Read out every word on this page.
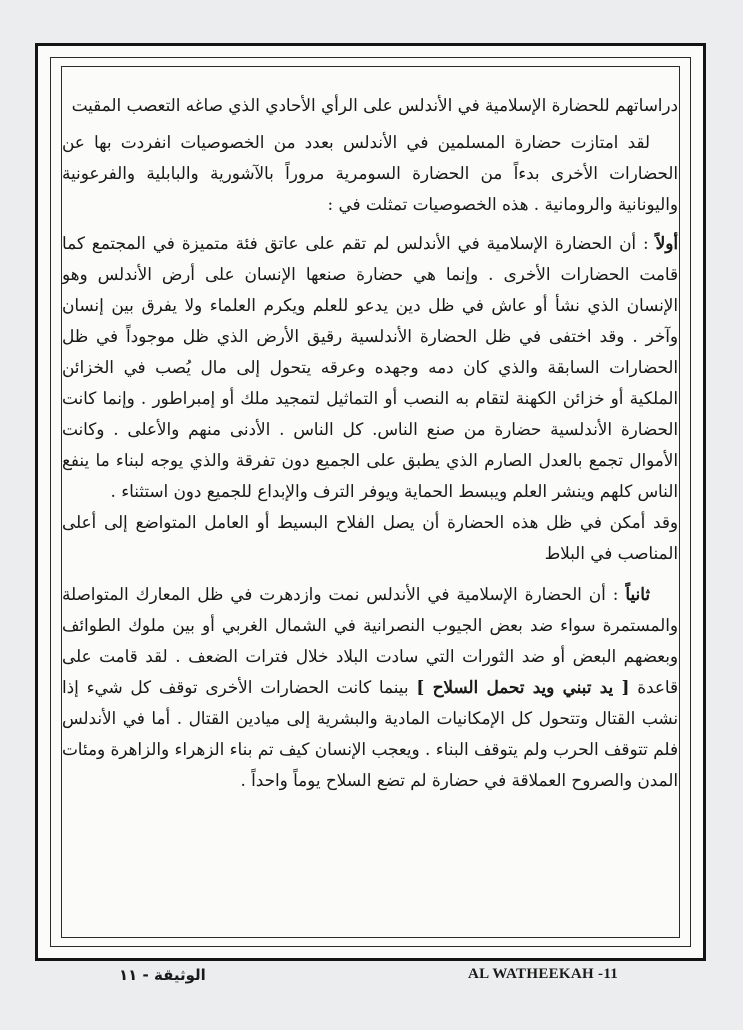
دراساتهم للحضارة الإسلامية في الأندلس على الرأي الأحادي الذي صاغه التعصب المقيت

لقد امتازت حضارة المسلمين في الأندلس بعدد من الخصوصيات انفردت بها عن الحضارات الأخرى بدءاً من الحضارة السومرية مروراً بالآشورية والبابلية والفرعونية واليونانية والرومانية . هذه الخصوصيات تمثلت في :

أولاً : أن الحضارة الإسلامية في الأندلس لم تقم على عاتق فئة متميزة في المجتمع كما قامت الحضارات الأخرى . وإنما هي حضارة صنعها الإنسان على أرض الأندلس وهو الإنسان الذي نشأ أو عاش في ظل دين يدعو للعلم ويكرم العلماء ولا يفرق بين إنسان وآخر . وقد اختفى في ظل الحضارة الأندلسية رقيق الأرض الذي ظل موجوداً في ظل الحضارات السابقة والذي كان دمه وجهده وعرقه يتحول إلى مال يُصب في الخزائن الملكية أو خزائن الكهنة لتقام به النصب أو التماثيل لتمجيد ملك أو إمبراطور . وإنما كانت الحضارة الأندلسية حضارة من صنع الناس. كل الناس . الأدنى منهم والأعلى . وكانت الأموال تجمع بالعدل الصارم الذي يطبق على الجميع دون تفرقة والذي يوجه لبناء ما ينفع الناس كلهم وينشر العلم ويبسط الحماية ويوفر الترف والإبداع للجميع دون استثناء .

وقد أمكن في ظل هذه الحضارة أن يصل الفلاح البسيط أو العامل المتواضع إلى أعلى المناصب في البلاط

ثانياً : أن الحضارة الإسلامية في الأندلس نمت وازدهرت في ظل المعارك المتواصلة والمستمرة سواء ضد بعض الجيوب النصرانية في الشمال الغربي أو بين ملوك الطوائف وبعضهم البعض أو ضد الثورات التي سادت البلاد خلال فترات الضعف . لقد قامت على قاعدة [ يد تبني ويد تحمل السلاح ] بينما كانت الحضارات الأخرى توقف كل شيء إذا نشب القتال وتتحول كل الإمكانيات المادية والبشرية إلى ميادين القتال . أما في الأندلس فلم تتوقف الحرب ولم يتوقف البناء . ويعجب الإنسان كيف تم بناء الزهراء والزاهرة ومئات المدن والصروح العملاقة في حضارة لم تضع السلاح يوماً واحداً .

AL WATHEEKAH -11
الوثيقة - ١١
